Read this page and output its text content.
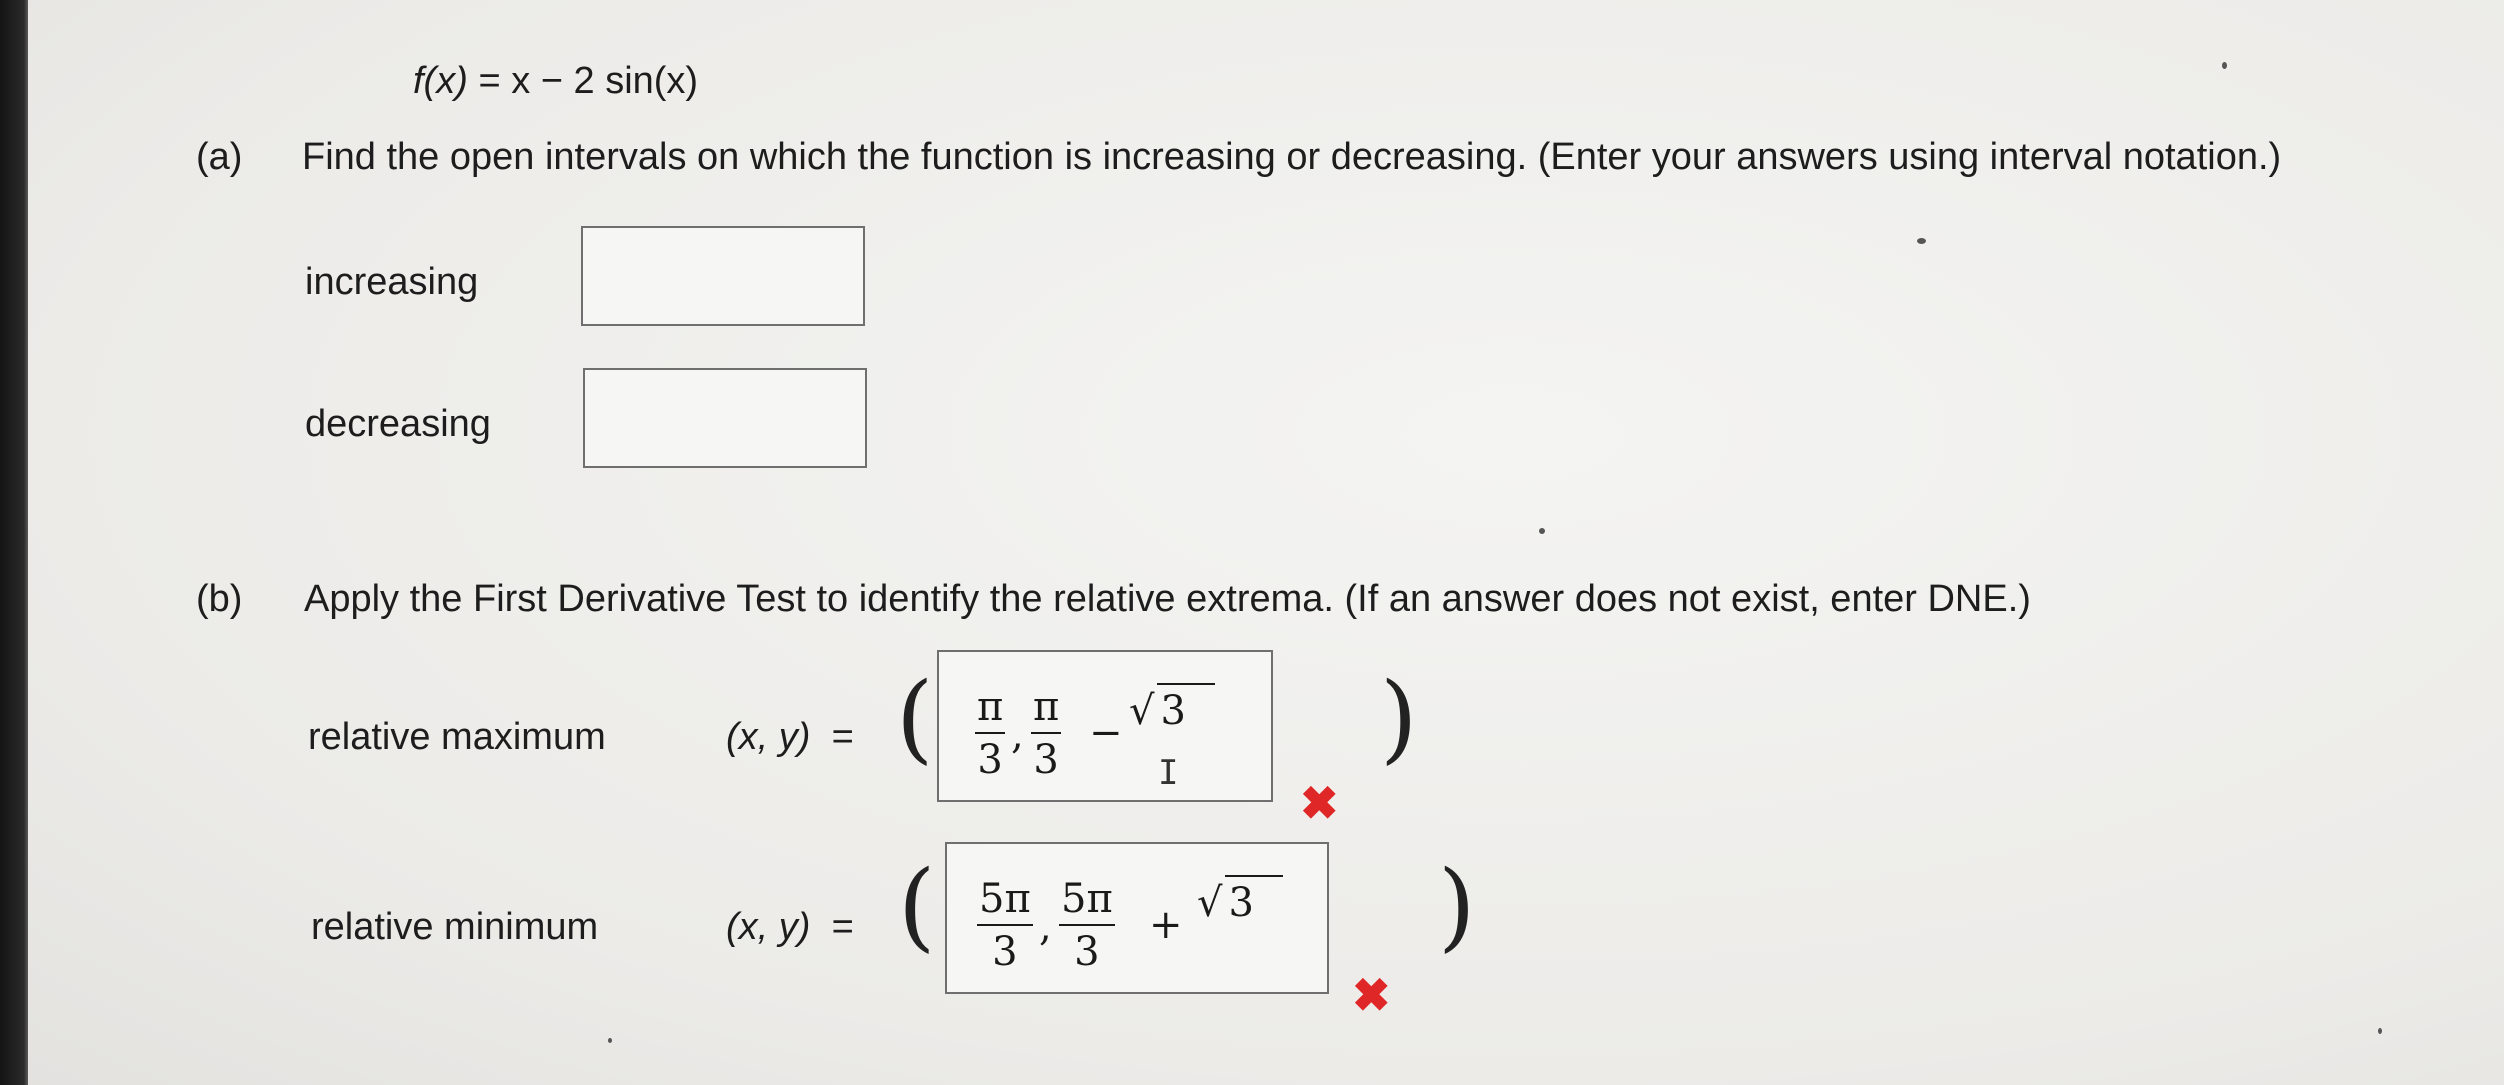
f(x) = x − 2 sin(x)
(a) Find the open intervals on which the function is increasing or decreasing. (Enter your answers using interval notation.)
increasing
decreasing
(b) Apply the First Derivative Test to identify the relative extrema. (If an answer does not exist, enter DNE.)
relative maximum	(x, y) = ( π
3
,
π
3
− √ 3 )
✖
I
relative minimum	(x, y) = ( 5π
3
,
5π
3
+ √ 3 )
✖
